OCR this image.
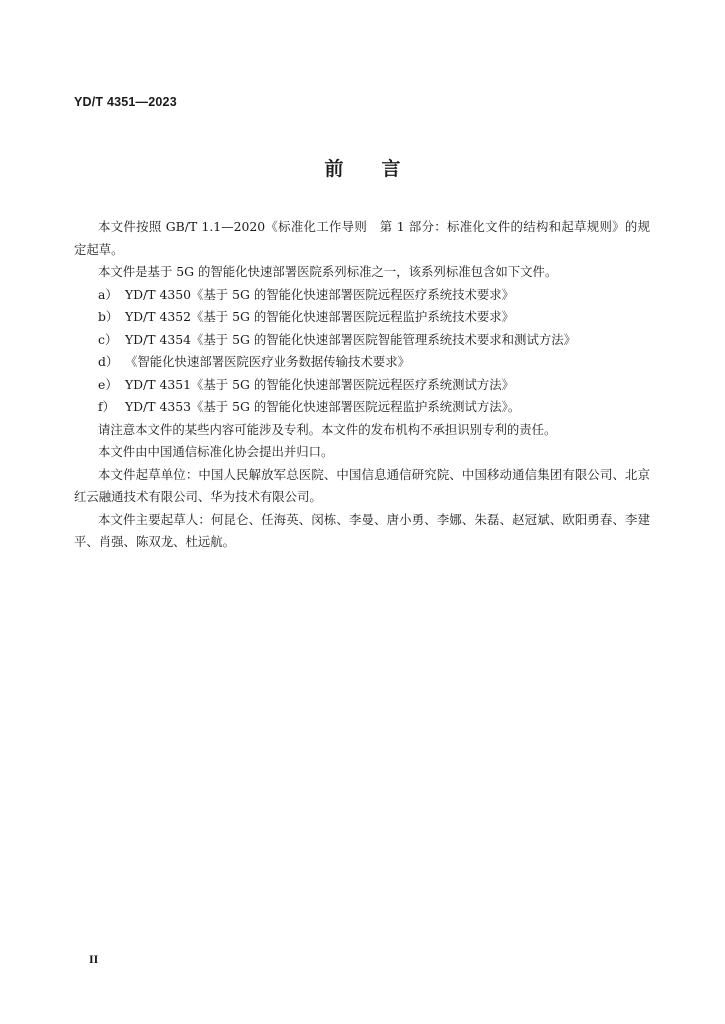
YD/T 4351—2023
前言

本文件按照 GB/T 1.1—2020《标准化工作导则　第 1 部分：标准化文件的结构和起草规则》的规定起草。

本文件是基于 5G 的智能化快速部署医院系列标准之一，该系列标准包含如下文件。

a） YD/T 4350《基于 5G 的智能化快速部署医院远程医疗系统技术要求》
b） YD/T 4352《基于 5G 的智能化快速部署医院远程监护系统技术要求》
c） YD/T 4354《基于 5G 的智能化快速部署医院智能管理系统技术要求和测试方法》
d） 《智能化快速部署医院医疗业务数据传输技术要求》
e） YD/T 4351《基于 5G 的智能化快速部署医院远程医疗系统测试方法》
f） YD/T 4353《基于 5G 的智能化快速部署医院远程监护系统测试方法》。

请注意本文件的某些内容可能涉及专利。本文件的发布机构不承担识别专利的责任。

本文件由中国通信标准化协会提出并归口。

本文件起草单位：中国人民解放军总医院、中国信息通信研究院、中国移动通信集团有限公司、北京红云融通技术有限公司、华为技术有限公司。

本文件主要起草人：何昆仑、任海英、闵栋、李曼、唐小勇、李娜、朱磊、赵冠斌、欧阳勇春、李建平、肖强、陈双龙、杜远航。

II
